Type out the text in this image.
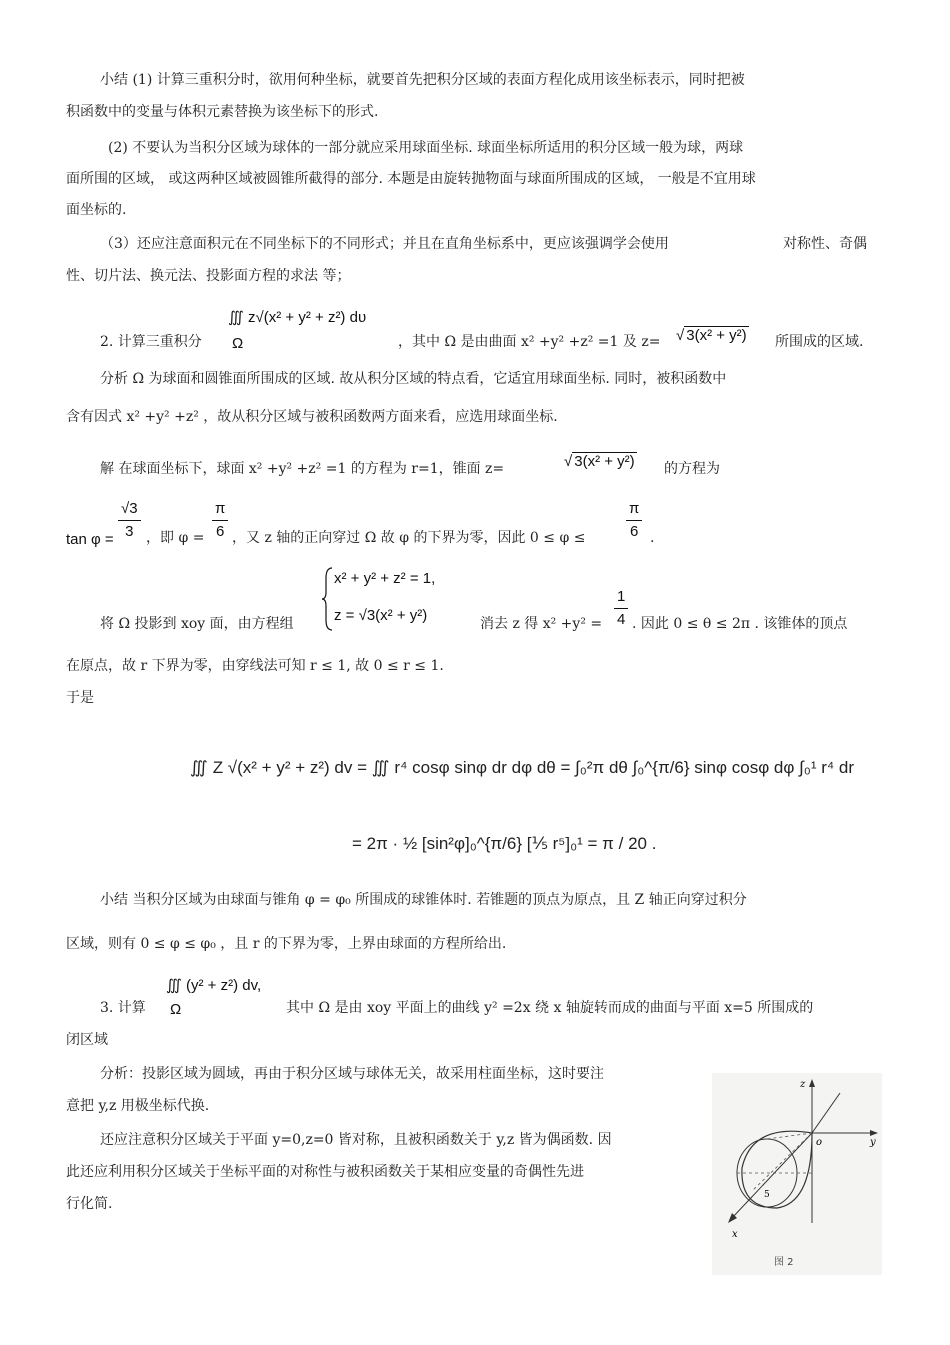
小结 (1) 计算三重积分时，欲用何种坐标，就要首先把积分区域的表面方程化成用该坐标表示，同时把被
积函数中的变量与体积元素替换为该坐标下的形式.
(2) 不要认为当积分区域为球体的一部分就应采用球面坐标. 球面坐标所适用的积分区域一般为球，两球
面所围的区域， 或这两种区域被圆锥所截得的部分. 本题是由旋转抛物面与球面所围成的区域， 一般是不宜用球
面坐标的.
（3）还应注意面积元在不同坐标下的不同形式；并且在直角坐标系中，更应该强调学会使用	对称性、奇偶
性、切片法、换元法、投影面方程的求法 等；
2. 计算三重积分
∭ z√(x² + y² + z²) dυ
Ω	，其中 Ω 是由曲面 x² +y² +z² =1 及 z= √ 3(x² + y²) 所围成的区域.
分析 Ω 为球面和圆锥面所围成的区域. 故从积分区域的特点看，它适宜用球面坐标. 同时，被积函数中
含有因式 x² +y² +z² ，故从积分区域与被积函数两方面来看，应选用球面坐标.
解 在球面坐标下，球面 x² +y² +z² =1 的方程为 r=1，锥面 z=	√ 3(x² + y²) 的方程为
$\tan \varphi = \frac{√3}{3}$ ，即 $\varphi = \frac{\pi}{6}$ ，又 z 轴的正向穿过 Ω 故 φ 的下界为零，因此 0 ≤ φ ≤	$\frac{\pi}{6}$ .
x² + y² + z² = 1,
z = √3(x² + y²)
将 Ω 投影到 xoy 面，由方程组	消去 z 得 $x^2 +y^2 = \frac{1}{4}$ . 因此 0 ≤ θ ≤ 2π . 该锥体的顶点
在原点，故 r 下界为零，由穿线法可知 r ≤ 1, 故 0 ≤ r ≤ 1.
于是
∭ Z √(x² + y² + z²) dv = ∭ r⁴ cosφ sinφ dr dφ dθ = ∫₀²π dθ ∫₀^{π/6} sinφ cosφ dφ ∫₀¹ r⁴ dr
= 2π · ½ [sin²φ]₀^{π/6} [⅕ r⁵]₀¹ = π / 20 .
小结 当积分区域为由球面与锥角 φ = φ₀ 所围成的球锥体时. 若锥题的顶点为原点，且 Z 轴正向穿过积分
区域，则有 0 ≤ φ ≤ φ₀ ，且 r 的下界为零，上界由球面的方程所给出.
3. 计算
∭ (y² + z²) dv,
Ω	其中 Ω 是由 xoy 平面上的曲线 y² =2x 绕 x 轴旋转而成的曲面与平面 x=5 所围成的
闭区域
分析：投影区域为圆域，再由于积分区域与球体无关，故采用柱面坐标，这时要注
意把 y,z 用极坐标代换.
还应注意积分区域关于平面 y=0,z=0 皆对称，且被积函数关于 y,z 皆为偶函数. 因
此还应利用积分区域关于坐标平面的对称性与被积函数关于某相应变量的奇偶性先进
行化简.
z
y
o
x
5
图 2
